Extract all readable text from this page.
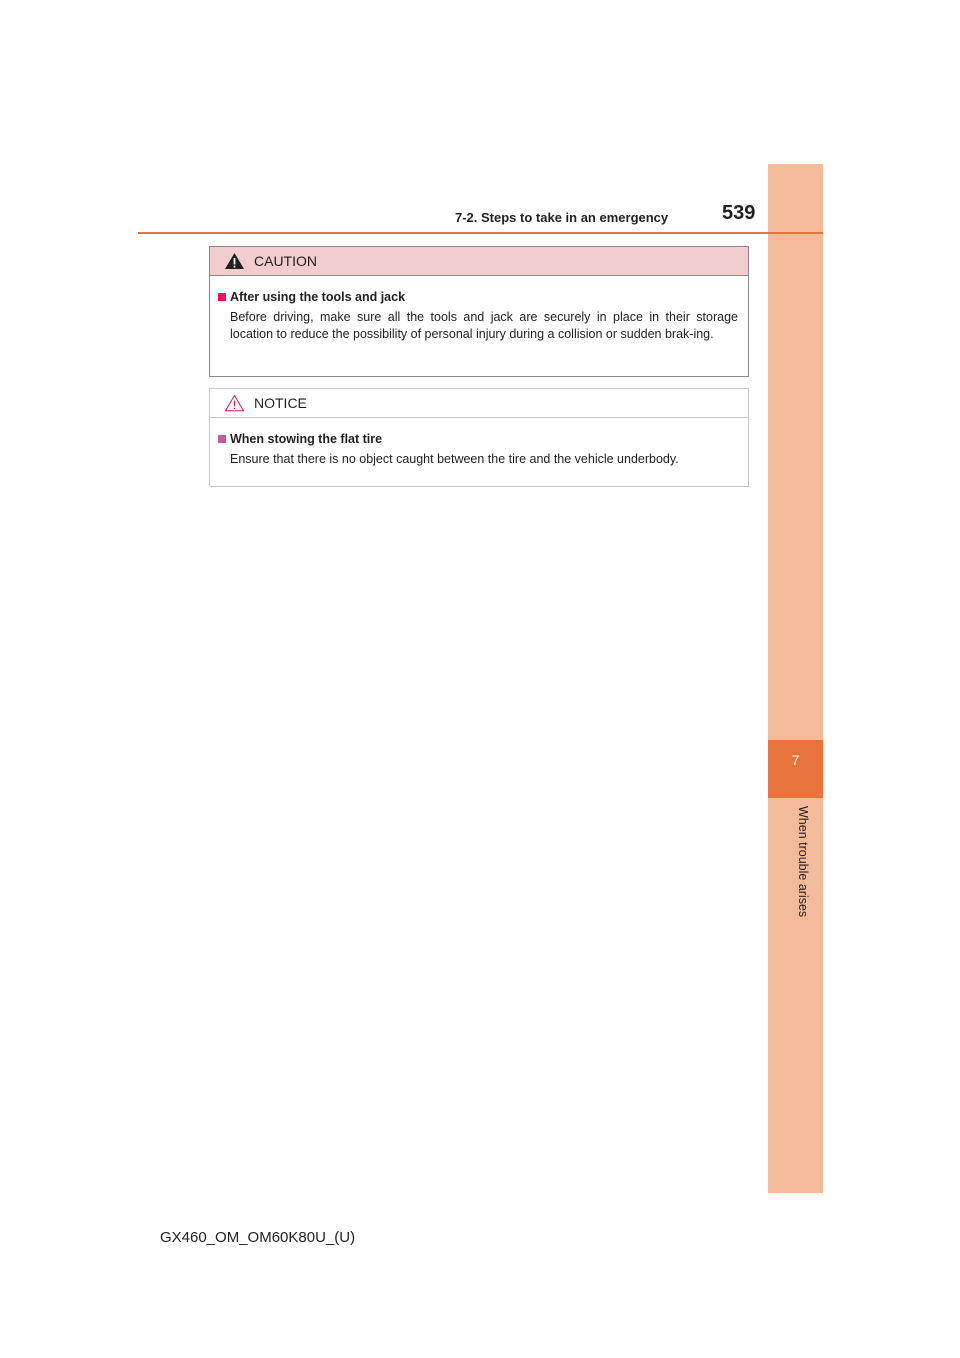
7
When trouble arises
7-2. Steps to take in an emergency	539
CAUTION
After using the tools and jack
Before driving, make sure all the tools and jack are securely in place in their storage location to reduce the possibility of personal injury during a collision or sudden brak-ing.
NOTICE
When stowing the flat tire
Ensure that there is no object caught between the tire and the vehicle underbody.
GX460_OM_OM60K80U_(U)
